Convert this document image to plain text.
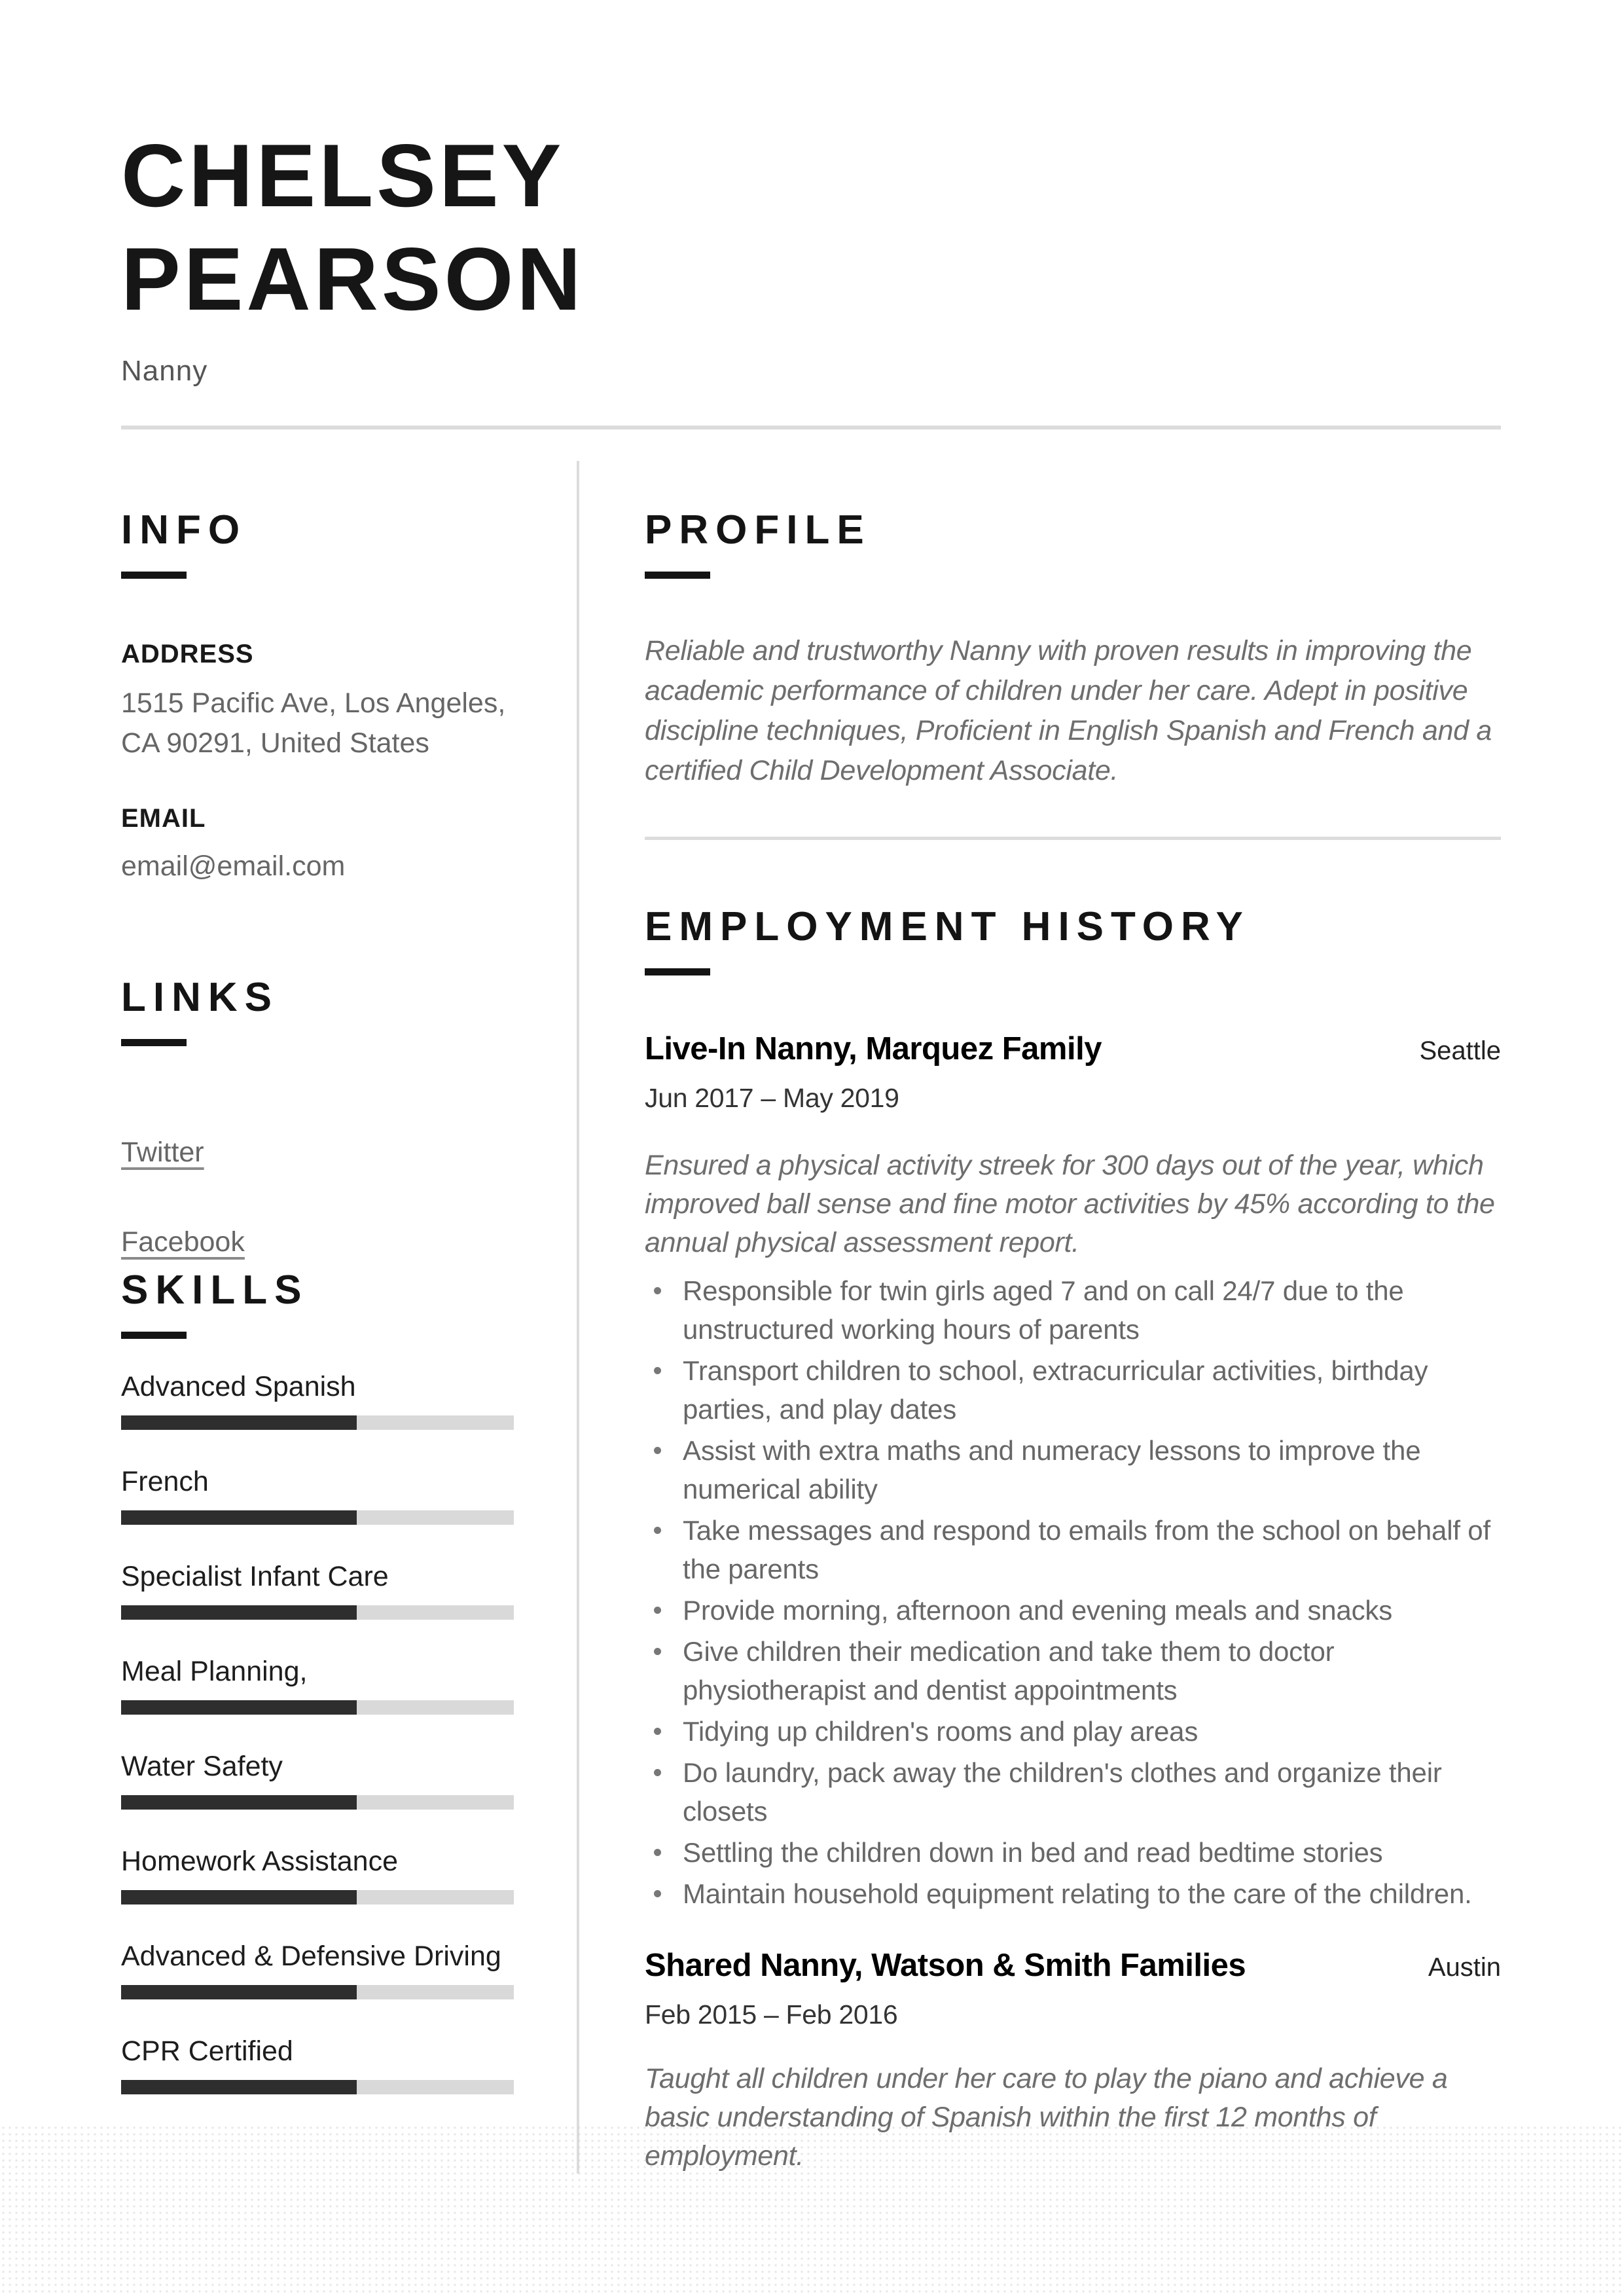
CHELSEY
PEARSON
Nanny
INFO
ADDRESS
1515 Pacific Ave, Los Angeles,
CA 90291, United States
EMAIL
email@email.com
LINKS
Twitter
Facebook
SKILLS
Advanced Spanish
French
Specialist Infant Care
Meal Planning,
Water Safety
Homework Assistance
Advanced & Defensive Driving
CPR Certified
PROFILE

Reliable and trustworthy Nanny with proven results in improving the academic performance of children under her care. Adept in positive discipline techniques, Proficient in English Spanish and French and a certified Child Development Associate.

EMPLOYMENT HISTORY
Live-In Nanny, Marquez Family	Seattle
Jun 2017 – May 2019

Ensured a physical activity streek for 300 days out of the year, which improved ball sense and fine motor activities by 45% according to the annual physical assessment report.

Responsible for twin girls aged 7 and on call 24/7 due to the unstructured working hours of parents
Transport children to school, extracurricular activities, birthday parties, and play dates
Assist with extra maths and numeracy lessons to improve the numerical ability
Take messages and respond to emails from the school on behalf of the parents
Provide morning, afternoon and evening meals and snacks
Give children their medication and take them to doctor physiotherapist and dentist appointments
Tidying up children's rooms and play areas
Do laundry, pack away the children's clothes and organize their closets
Settling the children down in bed and read bedtime stories
Maintain household equipment relating to the care of the children.
Shared Nanny, Watson & Smith Families	Austin
Feb 2015 – Feb 2016

Taught all children under her care to play the piano and achieve a basic understanding of Spanish within the first 12 months of employment.
